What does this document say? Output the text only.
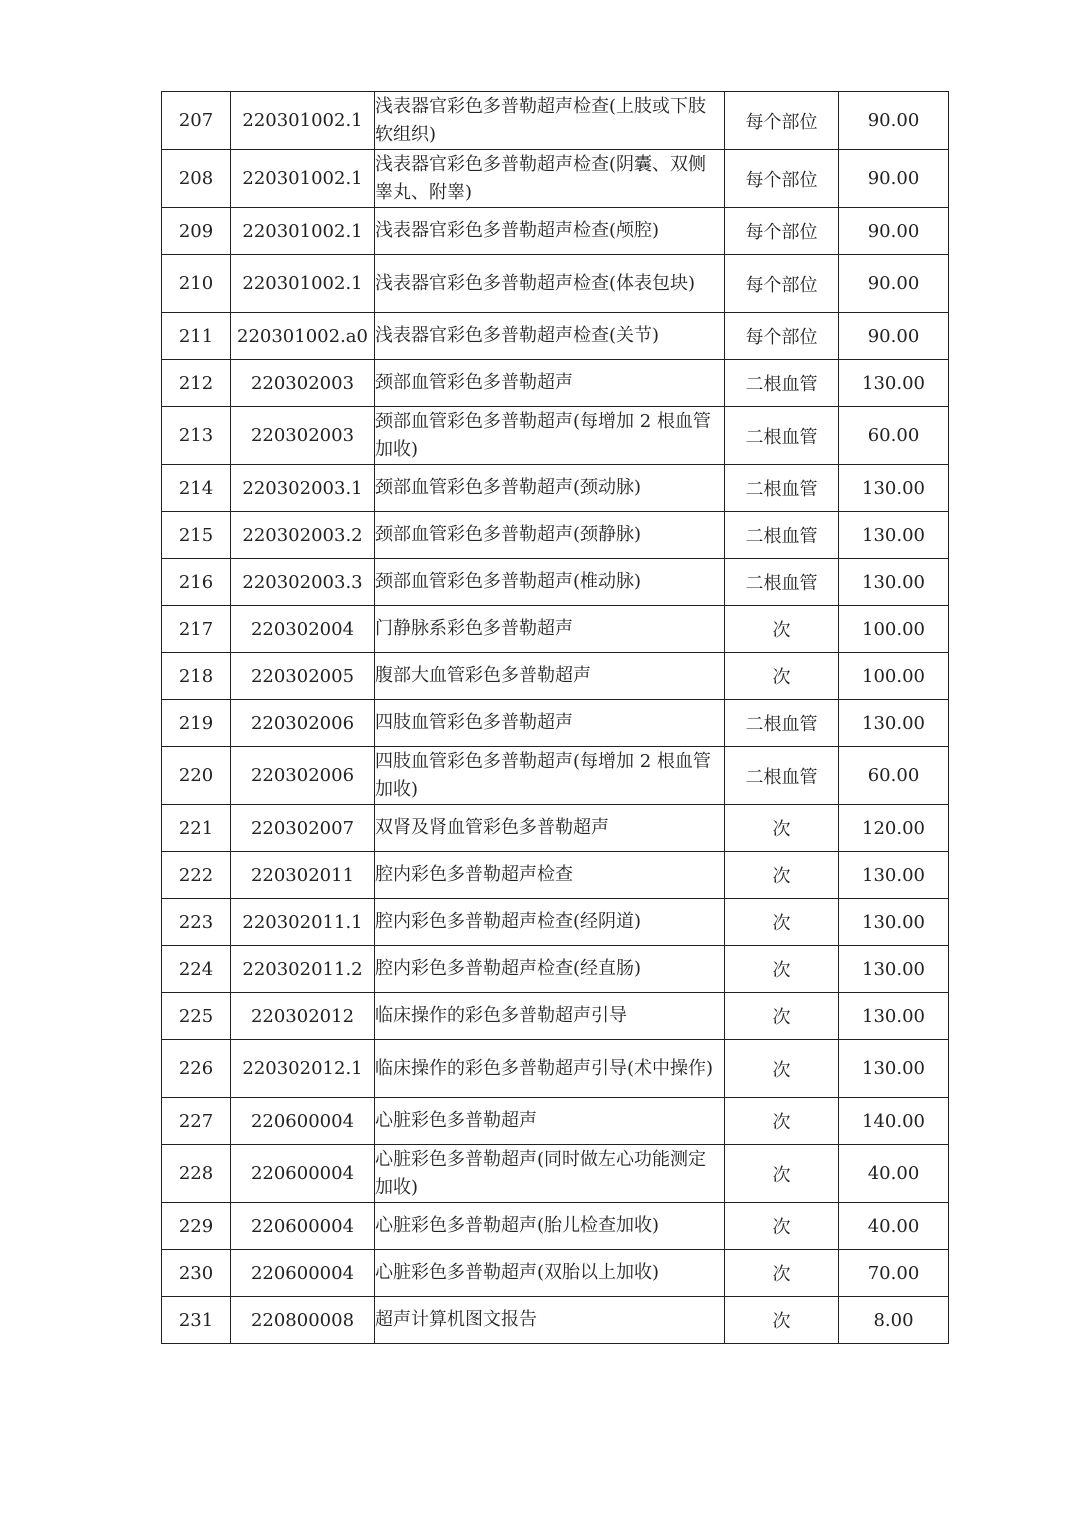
207	220301002.1	浅表器官彩色多普勒超声检查(上肢或下肢软组织)	每个部位	90.00
208	220301002.1	浅表器官彩色多普勒超声检查(阴囊、双侧睾丸、附睾)	每个部位	90.00
209	220301002.1	浅表器官彩色多普勒超声检查(颅腔)	每个部位	90.00
210	220301002.1	浅表器官彩色多普勒超声检查(体表包块)	每个部位	90.00
211	220301002.a0	浅表器官彩色多普勒超声检查(关节)	每个部位	90.00
212	220302003	颈部血管彩色多普勒超声	二根血管	130.00
213	220302003	颈部血管彩色多普勒超声(每增加 2 根血管加收)	二根血管	60.00
214	220302003.1	颈部血管彩色多普勒超声(颈动脉)	二根血管	130.00
215	220302003.2	颈部血管彩色多普勒超声(颈静脉)	二根血管	130.00
216	220302003.3	颈部血管彩色多普勒超声(椎动脉)	二根血管	130.00
217	220302004	门静脉系彩色多普勒超声	次	100.00
218	220302005	腹部大血管彩色多普勒超声	次	100.00
219	220302006	四肢血管彩色多普勒超声	二根血管	130.00
220	220302006	四肢血管彩色多普勒超声(每增加 2 根血管加收)	二根血管	60.00
221	220302007	双肾及肾血管彩色多普勒超声	次	120.00
222	220302011	腔内彩色多普勒超声检查	次	130.00
223	220302011.1	腔内彩色多普勒超声检查(经阴道)	次	130.00
224	220302011.2	腔内彩色多普勒超声检查(经直肠)	次	130.00
225	220302012	临床操作的彩色多普勒超声引导	次	130.00
226	220302012.1	临床操作的彩色多普勒超声引导(术中操作)	次	130.00
227	220600004	心脏彩色多普勒超声	次	140.00
228	220600004	心脏彩色多普勒超声(同时做左心功能测定加收)	次	40.00
229	220600004	心脏彩色多普勒超声(胎儿检查加收)	次	40.00
230	220600004	心脏彩色多普勒超声(双胎以上加收)	次	70.00
231	220800008	超声计算机图文报告	次	8.00
